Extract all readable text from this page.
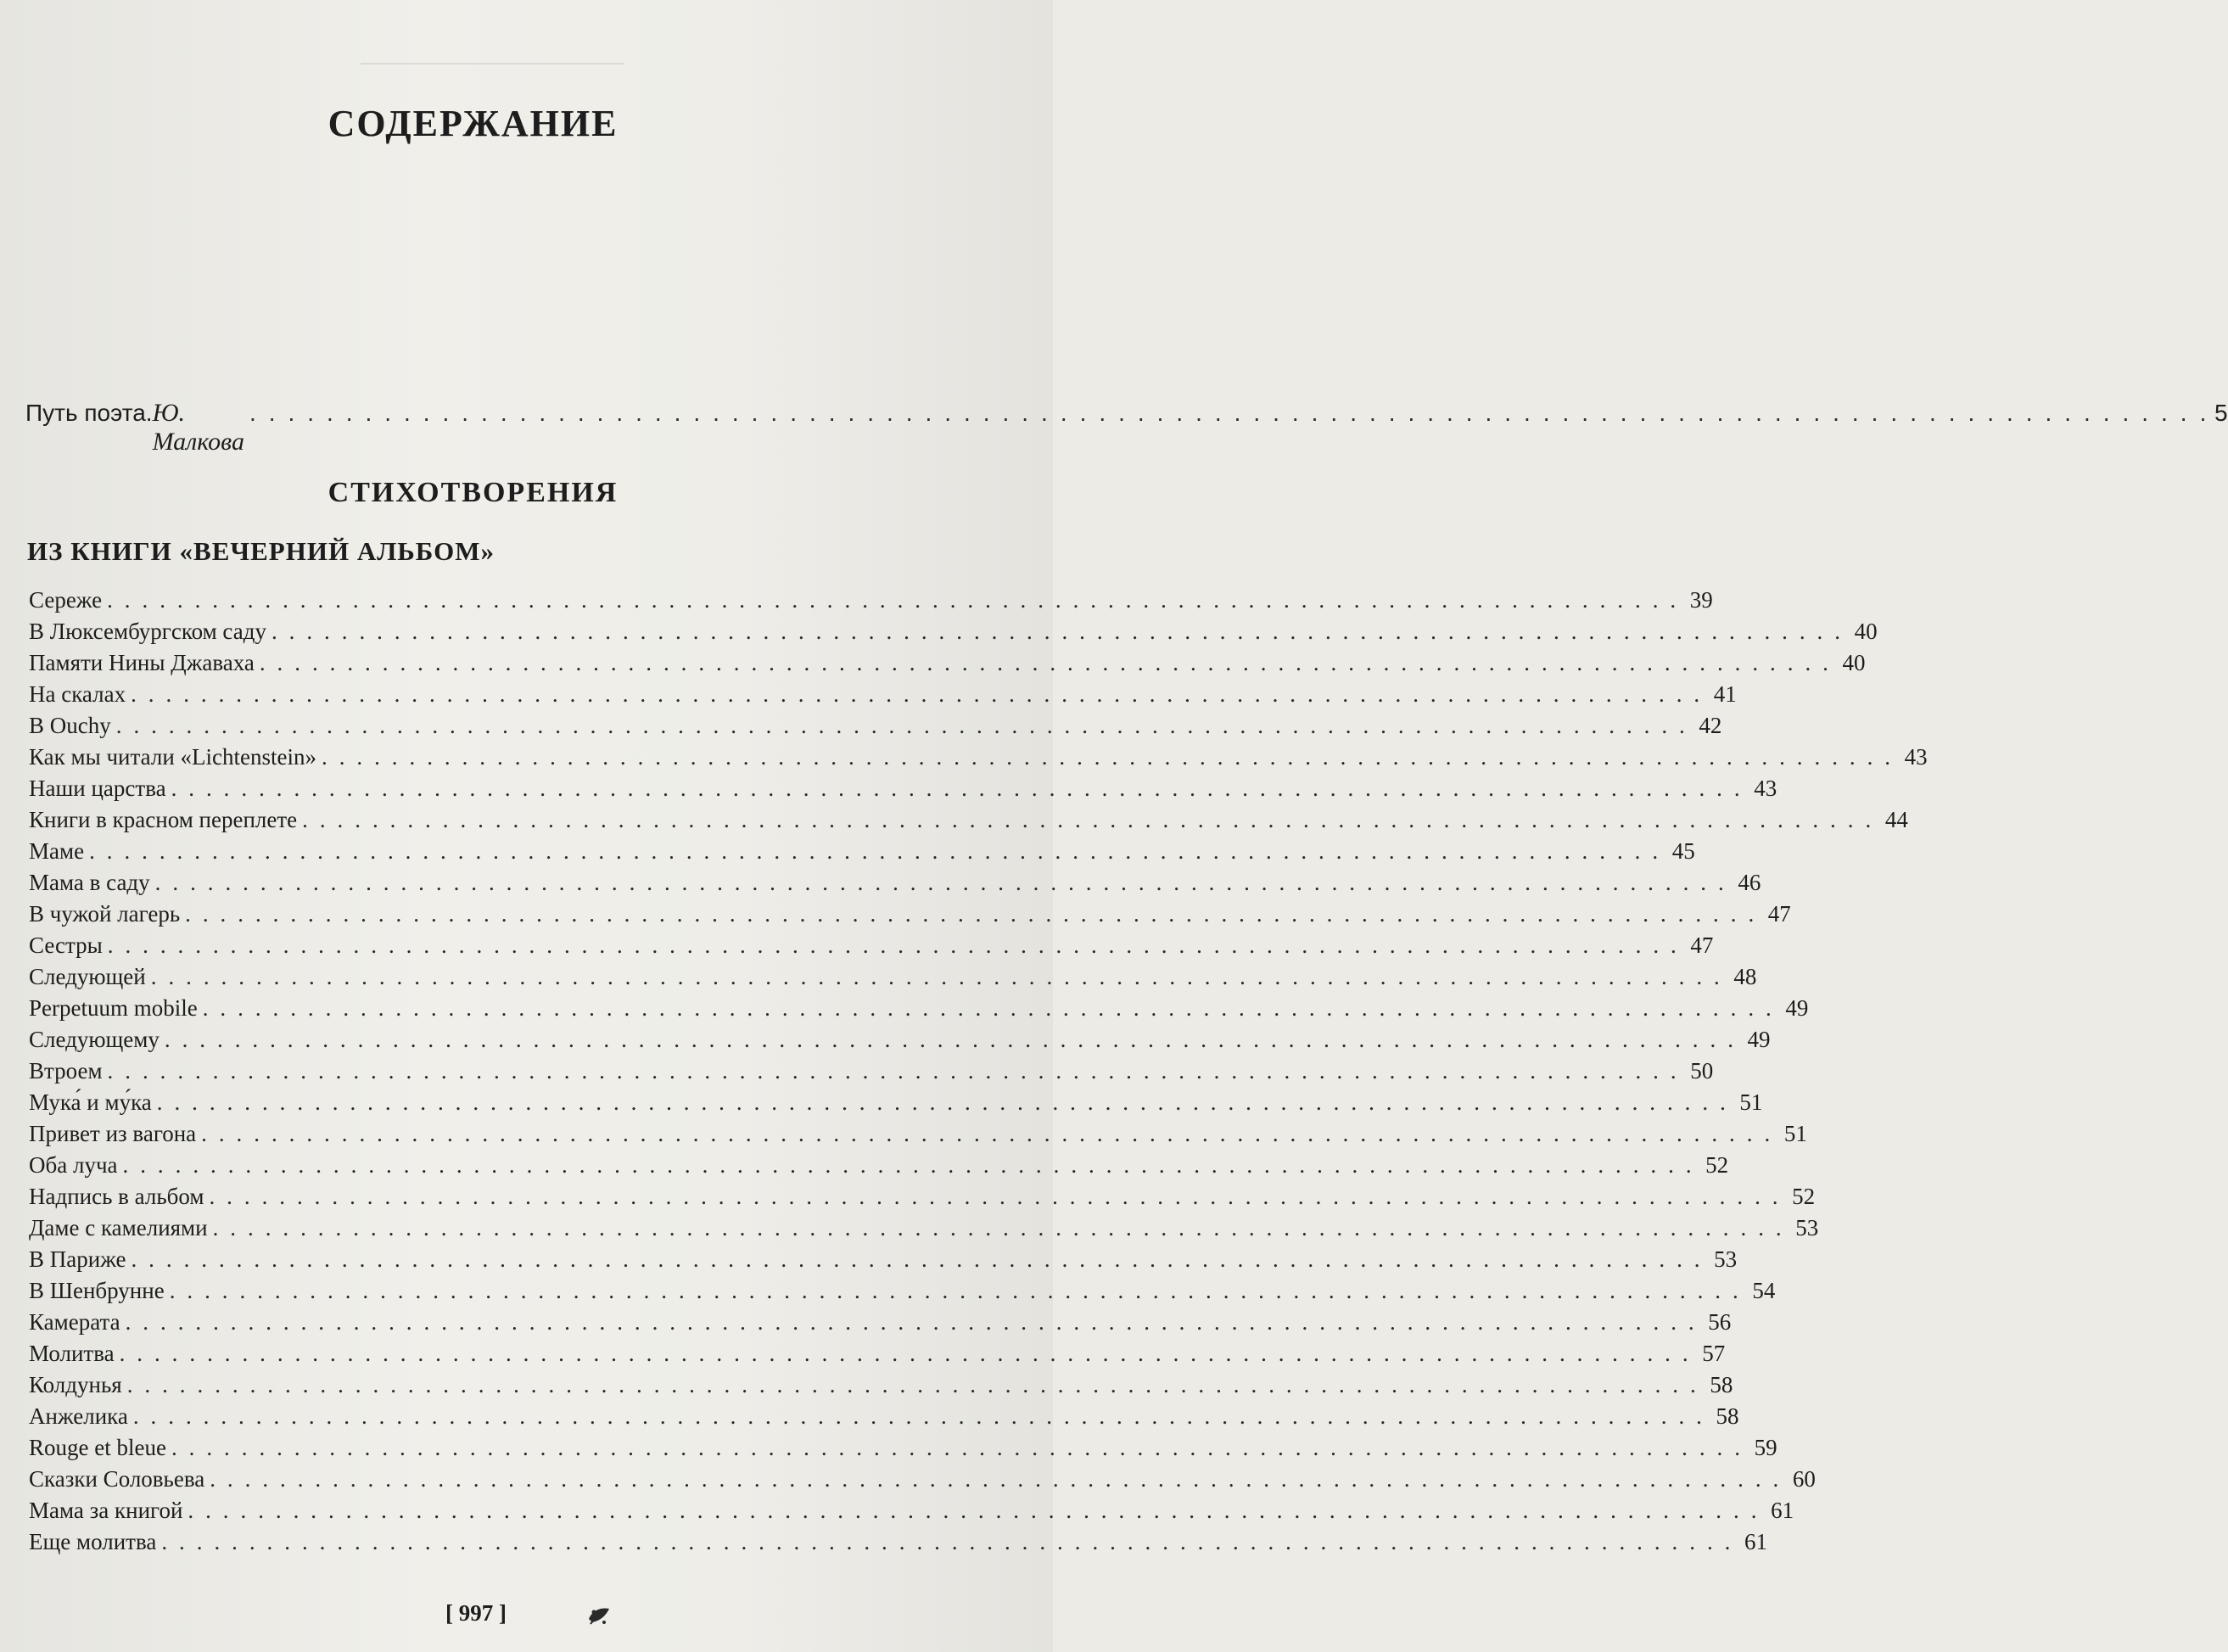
СОДЕРЖАНИЕ
Путь поэта. Ю. Малкова
. . . . . . . . . . . . . . . . . . . . . . . . . . . . . . . . . . . . . . . . . . . . . . . . . . . . . . . . . . . . . . . . . . . . . . . . . . . . . . . . . . . . . . . . . . . . . . . . . . . . . . 5
СТИХОТВОРЕНИЯ
ИЗ КНИГИ «ВЕЧЕРНИЙ АЛЬБОМ»
Сереже . . . . . . . . . . . . . . . . . . . . . . . . . . . . . . . . . . . . . . . . . . . . . . . . . . . . . . . . . . . . . . . . . . . . . . . . . . . . . . . . . . . . . . . . . . 39
В Люксембургском саду . . . . . . . . . . . . . . . . . . . . . . . . . . . . . . . . . . . . . . . . . . . . . . . . . . . . . . . . . . . . . . . . . . . . . . . . . . . . . . . . . . . . . . . . . . 40
Памяти Нины Джаваха . . . . . . . . . . . . . . . . . . . . . . . . . . . . . . . . . . . . . . . . . . . . . . . . . . . . . . . . . . . . . . . . . . . . . . . . . . . . . . . . . . . . . . . . . . 40
На скалах . . . . . . . . . . . . . . . . . . . . . . . . . . . . . . . . . . . . . . . . . . . . . . . . . . . . . . . . . . . . . . . . . . . . . . . . . . . . . . . . . . . . . . . . . . 41
В Ouchy . . . . . . . . . . . . . . . . . . . . . . . . . . . . . . . . . . . . . . . . . . . . . . . . . . . . . . . . . . . . . . . . . . . . . . . . . . . . . . . . . . . . . . . . . . 42
Как мы читали «Lichtenstein» . . . . . . . . . . . . . . . . . . . . . . . . . . . . . . . . . . . . . . . . . . . . . . . . . . . . . . . . . . . . . . . . . . . . . . . . . . . . . . . . . . . . . . . . . . 43
Наши царства . . . . . . . . . . . . . . . . . . . . . . . . . . . . . . . . . . . . . . . . . . . . . . . . . . . . . . . . . . . . . . . . . . . . . . . . . . . . . . . . . . . . . . . . . . 43
Книги в красном переплете . . . . . . . . . . . . . . . . . . . . . . . . . . . . . . . . . . . . . . . . . . . . . . . . . . . . . . . . . . . . . . . . . . . . . . . . . . . . . . . . . . . . . . . . . . 44
Маме . . . . . . . . . . . . . . . . . . . . . . . . . . . . . . . . . . . . . . . . . . . . . . . . . . . . . . . . . . . . . . . . . . . . . . . . . . . . . . . . . . . . . . . . . . 45
Мама в саду . . . . . . . . . . . . . . . . . . . . . . . . . . . . . . . . . . . . . . . . . . . . . . . . . . . . . . . . . . . . . . . . . . . . . . . . . . . . . . . . . . . . . . . . . . 46
В чужой лагерь . . . . . . . . . . . . . . . . . . . . . . . . . . . . . . . . . . . . . . . . . . . . . . . . . . . . . . . . . . . . . . . . . . . . . . . . . . . . . . . . . . . . . . . . . . 47
Сестры . . . . . . . . . . . . . . . . . . . . . . . . . . . . . . . . . . . . . . . . . . . . . . . . . . . . . . . . . . . . . . . . . . . . . . . . . . . . . . . . . . . . . . . . . . 47
Следующей . . . . . . . . . . . . . . . . . . . . . . . . . . . . . . . . . . . . . . . . . . . . . . . . . . . . . . . . . . . . . . . . . . . . . . . . . . . . . . . . . . . . . . . . . . 48
Perpetuum mobile . . . . . . . . . . . . . . . . . . . . . . . . . . . . . . . . . . . . . . . . . . . . . . . . . . . . . . . . . . . . . . . . . . . . . . . . . . . . . . . . . . . . . . . . . . 49
Следующему . . . . . . . . . . . . . . . . . . . . . . . . . . . . . . . . . . . . . . . . . . . . . . . . . . . . . . . . . . . . . . . . . . . . . . . . . . . . . . . . . . . . . . . . . . 49
Втроем . . . . . . . . . . . . . . . . . . . . . . . . . . . . . . . . . . . . . . . . . . . . . . . . . . . . . . . . . . . . . . . . . . . . . . . . . . . . . . . . . . . . . . . . . . 50
Мука́ и му́ка . . . . . . . . . . . . . . . . . . . . . . . . . . . . . . . . . . . . . . . . . . . . . . . . . . . . . . . . . . . . . . . . . . . . . . . . . . . . . . . . . . . . . . . . . . 51
Привет из вагона . . . . . . . . . . . . . . . . . . . . . . . . . . . . . . . . . . . . . . . . . . . . . . . . . . . . . . . . . . . . . . . . . . . . . . . . . . . . . . . . . . . . . . . . . . 51
Оба луча . . . . . . . . . . . . . . . . . . . . . . . . . . . . . . . . . . . . . . . . . . . . . . . . . . . . . . . . . . . . . . . . . . . . . . . . . . . . . . . . . . . . . . . . . . 52
Надпись в альбом . . . . . . . . . . . . . . . . . . . . . . . . . . . . . . . . . . . . . . . . . . . . . . . . . . . . . . . . . . . . . . . . . . . . . . . . . . . . . . . . . . . . . . . . . . 52
Даме с камелиями . . . . . . . . . . . . . . . . . . . . . . . . . . . . . . . . . . . . . . . . . . . . . . . . . . . . . . . . . . . . . . . . . . . . . . . . . . . . . . . . . . . . . . . . . . 53
В Париже . . . . . . . . . . . . . . . . . . . . . . . . . . . . . . . . . . . . . . . . . . . . . . . . . . . . . . . . . . . . . . . . . . . . . . . . . . . . . . . . . . . . . . . . . . 53
В Шенбрунне . . . . . . . . . . . . . . . . . . . . . . . . . . . . . . . . . . . . . . . . . . . . . . . . . . . . . . . . . . . . . . . . . . . . . . . . . . . . . . . . . . . . . . . . . . 54
Камерата . . . . . . . . . . . . . . . . . . . . . . . . . . . . . . . . . . . . . . . . . . . . . . . . . . . . . . . . . . . . . . . . . . . . . . . . . . . . . . . . . . . . . . . . . . 56
Молитва . . . . . . . . . . . . . . . . . . . . . . . . . . . . . . . . . . . . . . . . . . . . . . . . . . . . . . . . . . . . . . . . . . . . . . . . . . . . . . . . . . . . . . . . . . 57
Колдунья . . . . . . . . . . . . . . . . . . . . . . . . . . . . . . . . . . . . . . . . . . . . . . . . . . . . . . . . . . . . . . . . . . . . . . . . . . . . . . . . . . . . . . . . . . 58
Анжелика . . . . . . . . . . . . . . . . . . . . . . . . . . . . . . . . . . . . . . . . . . . . . . . . . . . . . . . . . . . . . . . . . . . . . . . . . . . . . . . . . . . . . . . . . . 58
Rouge et bleue . . . . . . . . . . . . . . . . . . . . . . . . . . . . . . . . . . . . . . . . . . . . . . . . . . . . . . . . . . . . . . . . . . . . . . . . . . . . . . . . . . . . . . . . . . 59
Сказки Соловьева . . . . . . . . . . . . . . . . . . . . . . . . . . . . . . . . . . . . . . . . . . . . . . . . . . . . . . . . . . . . . . . . . . . . . . . . . . . . . . . . . . . . . . . . . . 60
Мама за книгой . . . . . . . . . . . . . . . . . . . . . . . . . . . . . . . . . . . . . . . . . . . . . . . . . . . . . . . . . . . . . . . . . . . . . . . . . . . . . . . . . . . . . . . . . . 61
Еще молитва . . . . . . . . . . . . . . . . . . . . . . . . . . . . . . . . . . . . . . . . . . . . . . . . . . . . . . . . . . . . . . . . . . . . . . . . . . . . . . . . . . . . . . . . . . 61
[ 997 ]
